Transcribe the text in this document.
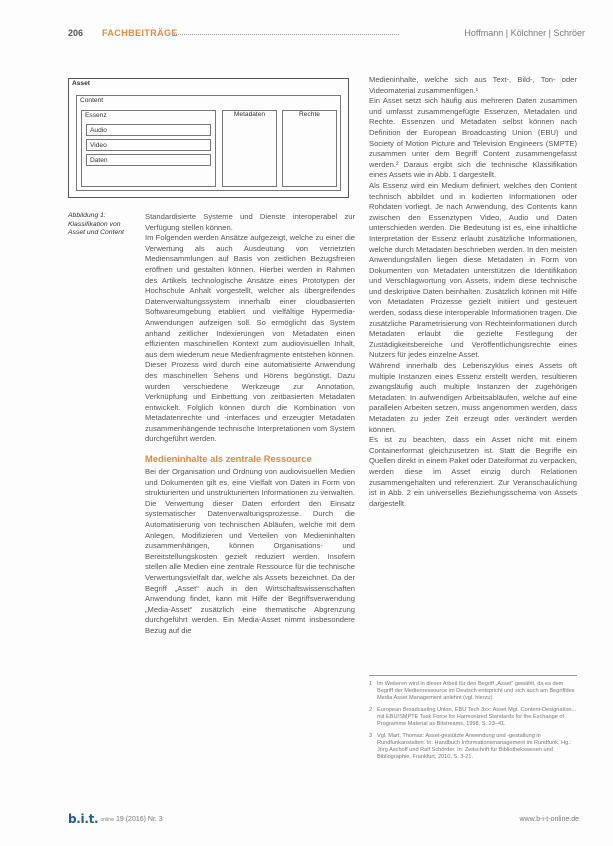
206 FACHBEITRÄGE	Hoffmann | Kölchner | Schröer
Asset
Content
Essenz
Audio
Video
Daten
Metadaten	Rechte
Abbildung 1: Klassifikation von Asset und Content

Standardisierte Systeme und Dienste interoperabel zur Verfügung stellen können.

Im Folgenden werden Ansätze aufgezeigt, welche zu einer die Verwertung als auch Ausdeutung von vernetzten Mediensammlungen auf Basis von zeitlichen Bezugsfreien eröffnen und gestalten können. Hierbei werden in Rahmen des Artikels technologische Ansätze eines Prototypen der Hochschule Anhalt vorgestellt, welcher als übergreifendes Datenverwaltungssystem innerhalb einer cloudbasierten Softwareumgebung etabliert und vielfältige Hypermedia-Anwendungen aufzeigen soll. So ermöglicht das System anhand zeitlicher Indexierungen von Metadaten einen effizienten maschinellen Kontext zum audiovisuellen Inhalt, aus dem wiederum neue Medienfragmente entstehen können. Dieser Prozess wird durch eine automatisierte Anwendung des maschinellen Sehens und Hörens begünstigt. Dazu wurden verschiedene Werkzeuge zur Annotation, Verknüpfung und Einbettung von zeitbasierten Metadaten entwickelt. Folglich können durch die Kombination von Metadatenrechte und -interfaces und erzeugter Metadaten zusammenhängende technische Interpretationen vom System durchgeführt werden.

Medieninhalte als zentrale Ressource

Bei der Organisation und Ordnung von audiovisuellen Medien und Dokumenten gilt es, eine Vielfalt von Daten in Form von strukturierten und unstrukturierten Informationen zu verwalten. Die Verwertung dieser Daten erfordert den Einsatz systematischer Datenverwaltungsprozesse. Durch die Automatisierung von technischen Abläufen, welche mit dem Anlegen, Modifizieren und Verteilen von Medieninhalten zusammenhängen, können Organisations- und Bereitstellungskosten gezielt reduziert werden. Insofern stellen alle Medien eine zentrale Ressource für die technische Verwertungsvielfalt dar, welche als Assets bezeichnet. Da der Begriff „Asset“ auch in den Wirtschaftswissenschaften Anwendung findet, kann mit Hilfe der Begriffsverwendung „Media-Asset“ zusätzlich eine thematische Abgrenzung durchgeführt werden. Ein Media-Asset nimmt insbesondere Bezug auf die

Medieninhalte, welche sich aus Text-, Bild-, Ton- oder Videomaterial zusammenfügen.¹

Ein Asset setzt sich häufig aus mehreren Daten zusammen und umfasst zusammengefügte Essenzen, Metadaten und Rechte. Essenzen und Metadaten selbst können nach Definition der European Broadcasting Union (EBU) und Society of Motion Picture and Television Engineers (SMPTE) zusammen unter dem Begriff Content zusammengefasst werden.² Daraus ergibt sich die technische Klassifikation eines Assets wie in Abb. 1 dargestellt.

Als Essenz wird ein Medium definiert, welches den Content technisch abbildet und in kodierten Informationen oder Rohdaten vorliegt. Je nach Anwendung, des Contents kann zwischen den Essenztypen Video, Audio und Daten unterschieden werden. Die Bedeutung ist es, eine inhaltliche Interpretation der Essenz erlaubt zusätzliche Informationen, welche durch Metadaten beschrieben werden. In den meisten Anwendungsfällen liegen diese Metadaten in Form von Dokumenten von Metadaten unterstützen die Identifikation und Verschlagwortung von Assets, indem diese technische und deskriptive Daten beinhalten. Zusätzlich können mit Hilfe von Metadaten Prozesse gezielt initiiert und gesteuert werden, sodass diese interoperable Informationen tragen. Die zusätzliche Parametrisierung von Rechteinformationen durch Metadaten erlaubt die gezielte Festlegung der Zustädigkeitsbereiche und Veröffentlichungsrechte eines Nutzers für jedes einzelne Asset.

Während innerhalb des Lebenszyklus eines Assets oft multiple Instanzen eines Essenz erstellt werden, resultieren zwangsläufig auch multiple Instanzen der zugehörigen Metadaten. In aufwendigen Arbeitsabläufen, welche auf eine parallelen Arbeiten setzen, muss angenommen werden, dass Metadaten zu jeder Zeit erzeugt oder verändert werden können.

Es ist zu beachten, dass ein Asset nicht mit einem Containerformat gleichzusetzen ist. Statt die Begriffe ein Quellen direkt in einem Paket oder Dateiformat zu verpacken, werden diese im Asset einzig durch Relationen zusammengehalten und referenziert. Zur Veranschaulichung ist in Abb. 2 ein universelles Beziehungsschema von Assets dargestellt.

1 Im Weiteren wird in dieser Arbeit für den Begriff „Asset“ gewählt, da es dem Begriff der Medienressource im Deutsch entspricht und sich auch am Begriffdes Media Asset Management anlehnt (vgl. hierzu).
2 European Broadcasting Union, EBU Tech 3xx: Asset Mgt. Content-Designation... mit EBU/SMPTE Task Force for Harmonized Standards for the Exchange of Programme Material as Bitstreams, 1998, S. 23–41.
3 Vgl. Mart, Thomas: Asset-gestützte Anwendung und -gestaltung in Rundfunkanstalten. In: Handbuch Informationsmanagement im Rundfunk, Hg.: Jörg Aschoff und Ralf Schörder. In: Zeitschrift für Bibliothekswesen und Bibliographie, Frankfurt, 2010, S. 3-21.
b.i.t. online 19 (2016) Nr. 3	www.b-i-t-online.de
